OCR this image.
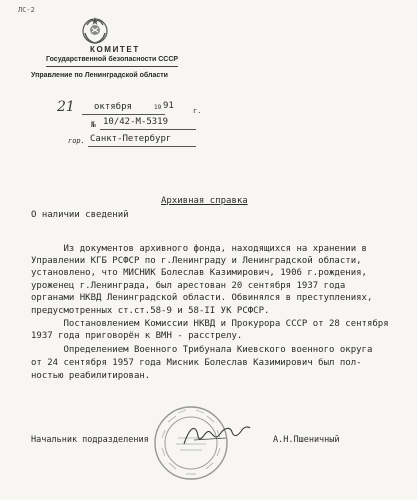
ЛС-2
КОМИТЕТ
Государственной безопасности СССР
Управление по Ленинградской области
21 октября	19 91	г.
№ 10/42-М-5319
гор. Санкт-Петербург
Архивная справка
О наличии сведений
Из документов архивного фонда, находящихся на хранении в
Управлении КГБ РСФСР по г.Ленинграду и Ленинградской области,
установлено, что МИСНИК Болеслав Казимирович, 1906 г.рождения,
уроженец г.Ленинграда, был арестован 20 сентября 1937 года
органами НКВД Ленинградской области. Обвинялся в преступлениях,
предусмотренных ст.ст.58-9 и 58-II УК РСФСР.
Постановлением Комиссии НКВД и Прокурора СССР от 28 сентября
1937 года приговорён к ВМН - расстрелу.
Определением Военного Трибунала Киевского военного округа
от 24 сентября 1957 года Мисник Болеслав Казимирович был пол-
ностью реабилитирован.
Начальник подразделения	А.Н.Пшеничный
